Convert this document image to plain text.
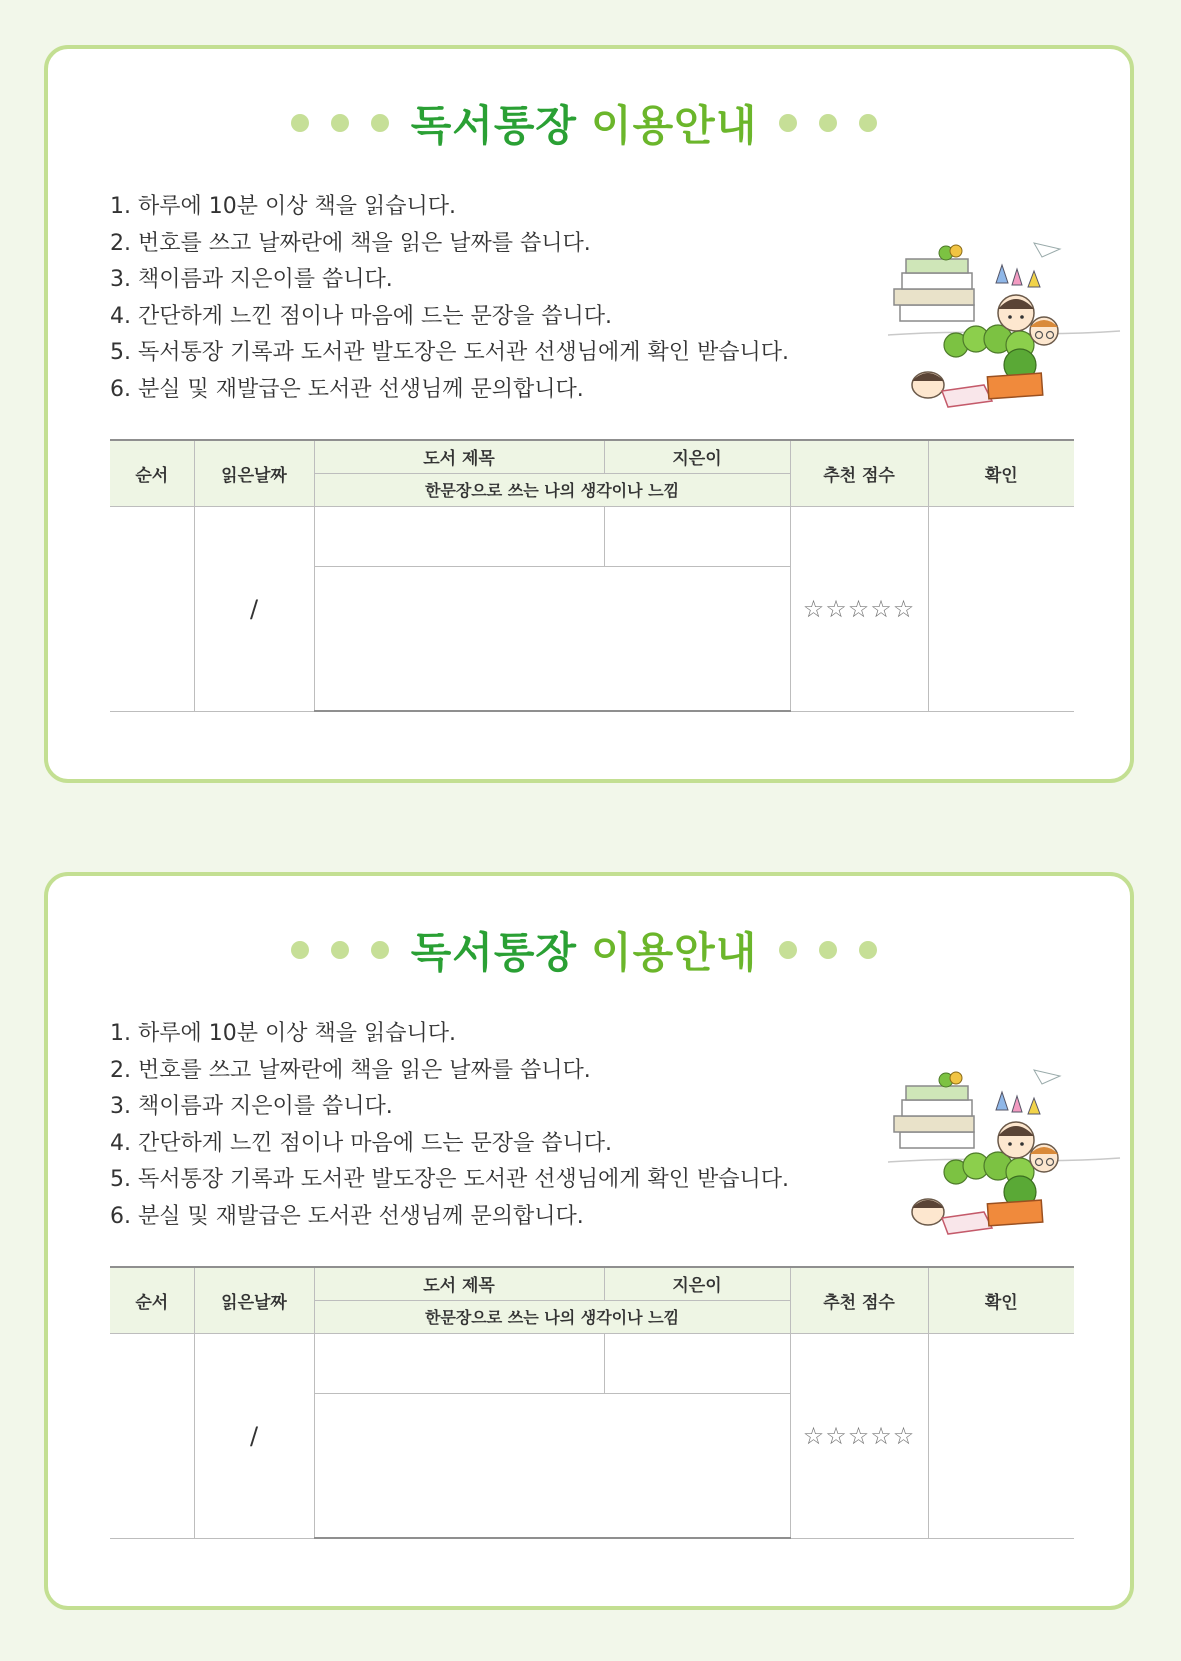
독서통장 이용안내
1. 하루에 10분 이상 책을 읽습니다.
2. 번호를 쓰고 날짜란에 책을 읽은 날짜를 씁니다.
3. 책이름과 지은이를 씁니다.
4. 간단하게 느낀 점이나 마음에 드는 문장을 씁니다.
5. 독서통장 기록과 도서관 발도장은 도서관 선생님에게 확인 받습니다.
6. 분실 및 재발급은 도서관 선생님께 문의합니다.
순서	읽은날짜	도서 제목	지은이	추천 점수	확인
		한문장으로 쓰는 나의 생각이나 느낌			
	/			☆☆☆☆☆	

독서통장 이용안내
1. 하루에 10분 이상 책을 읽습니다.
2. 번호를 쓰고 날짜란에 책을 읽은 날짜를 씁니다.
3. 책이름과 지은이를 씁니다.
4. 간단하게 느낀 점이나 마음에 드는 문장을 씁니다.
5. 독서통장 기록과 도서관 발도장은 도서관 선생님에게 확인 받습니다.
6. 분실 및 재발급은 도서관 선생님께 문의합니다.
순서	읽은날짜	도서 제목	지은이	추천 점수	확인
		한문장으로 쓰는 나의 생각이나 느낌			
	/			☆☆☆☆☆	
